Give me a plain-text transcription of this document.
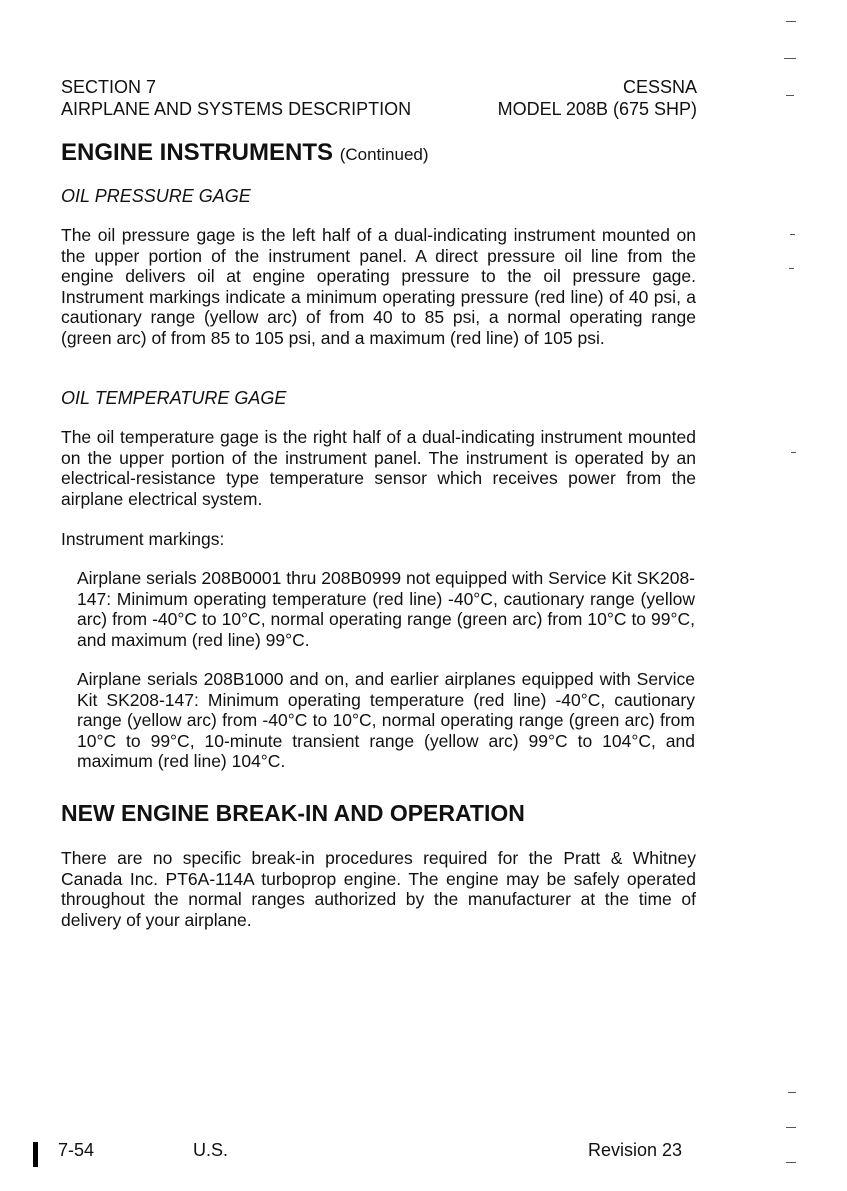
SECTION 7	CESSNA
AIRPLANE AND SYSTEMS DESCRIPTION	MODEL 208B (675 SHP)
ENGINE INSTRUMENTS (Continued)
OIL PRESSURE GAGE
The oil pressure gage is the left half of a dual-indicating instrument mounted on the upper portion of the instrument panel. A direct pressure oil line from the engine delivers oil at engine operating pressure to the oil pressure gage. Instrument markings indicate a minimum operating pressure (red line) of 40 psi, a cautionary range (yellow arc) of from 40 to 85 psi, a normal operating range (green arc) of from 85 to 105 psi, and a maximum (red line) of 105 psi.
OIL TEMPERATURE GAGE
The oil temperature gage is the right half of a dual-indicating instrument mounted on the upper portion of the instrument panel. The instrument is operated by an electrical-resistance type temperature sensor which receives power from the airplane electrical system.
Instrument markings:
Airplane serials 208B0001 thru 208B0999 not equipped with Service Kit SK208-147: Minimum operating temperature (red line) -40°C, cautionary range (yellow arc) from -40°C to 10°C, normal operating range (green arc) from 10°C to 99°C, and maximum (red line) 99°C.
Airplane serials 208B1000 and on, and earlier airplanes equipped with Service Kit SK208-147: Minimum operating temperature (red line) -40°C, cautionary range (yellow arc) from -40°C to 10°C, normal operating range (green arc) from 10°C to 99°C, 10-minute transient range (yellow arc) 99°C to 104°C, and maximum (red line) 104°C.
NEW ENGINE BREAK-IN AND OPERATION
There are no specific break-in procedures required for the Pratt & Whitney Canada Inc. PT6A-114A turboprop engine. The engine may be safely operated throughout the normal ranges authorized by the manufacturer at the time of delivery of your airplane.
7-54	U.S.	Revision 23
